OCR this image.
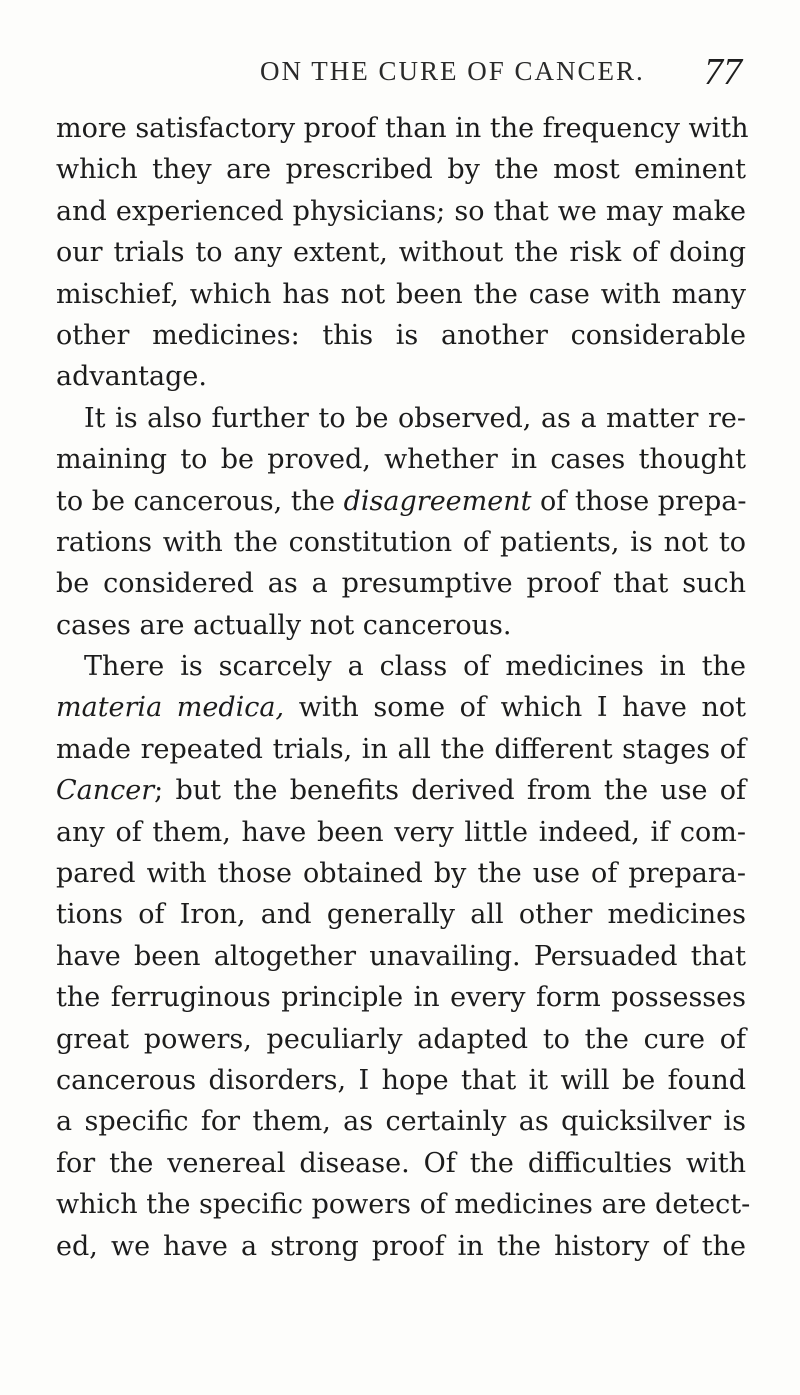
ON THE CURE OF CANCER. 77
more satisfactory proof than in the frequency with
which they are prescribed by the most eminent
and experienced physicians; so that we may make
our trials to any extent, without the risk of doing
mischief, which has not been the case with many
other medicines: this is another considerable
advantage.
It is also further to be observed, as a matter re-
maining to be proved, whether in cases thought
to be cancerous, the disagreement of those prepa-
rations with the constitution of patients, is not to
be considered as a presumptive proof that such
cases are actually not cancerous.
There is scarcely a class of medicines in the
materia medica, with some of which I have not
made repeated trials, in all the different stages of
Cancer; but the benefits derived from the use of
any of them, have been very little indeed, if com-
pared with those obtained by the use of prepara-
tions of Iron, and generally all other medicines
have been altogether unavailing. Persuaded that
the ferruginous principle in every form possesses
great powers, peculiarly adapted to the cure of
cancerous disorders, I hope that it will be found
a specific for them, as certainly as quicksilver is
for the venereal disease. Of the difficulties with
which the specific powers of medicines are detect-
ed, we have a strong proof in the history of the
